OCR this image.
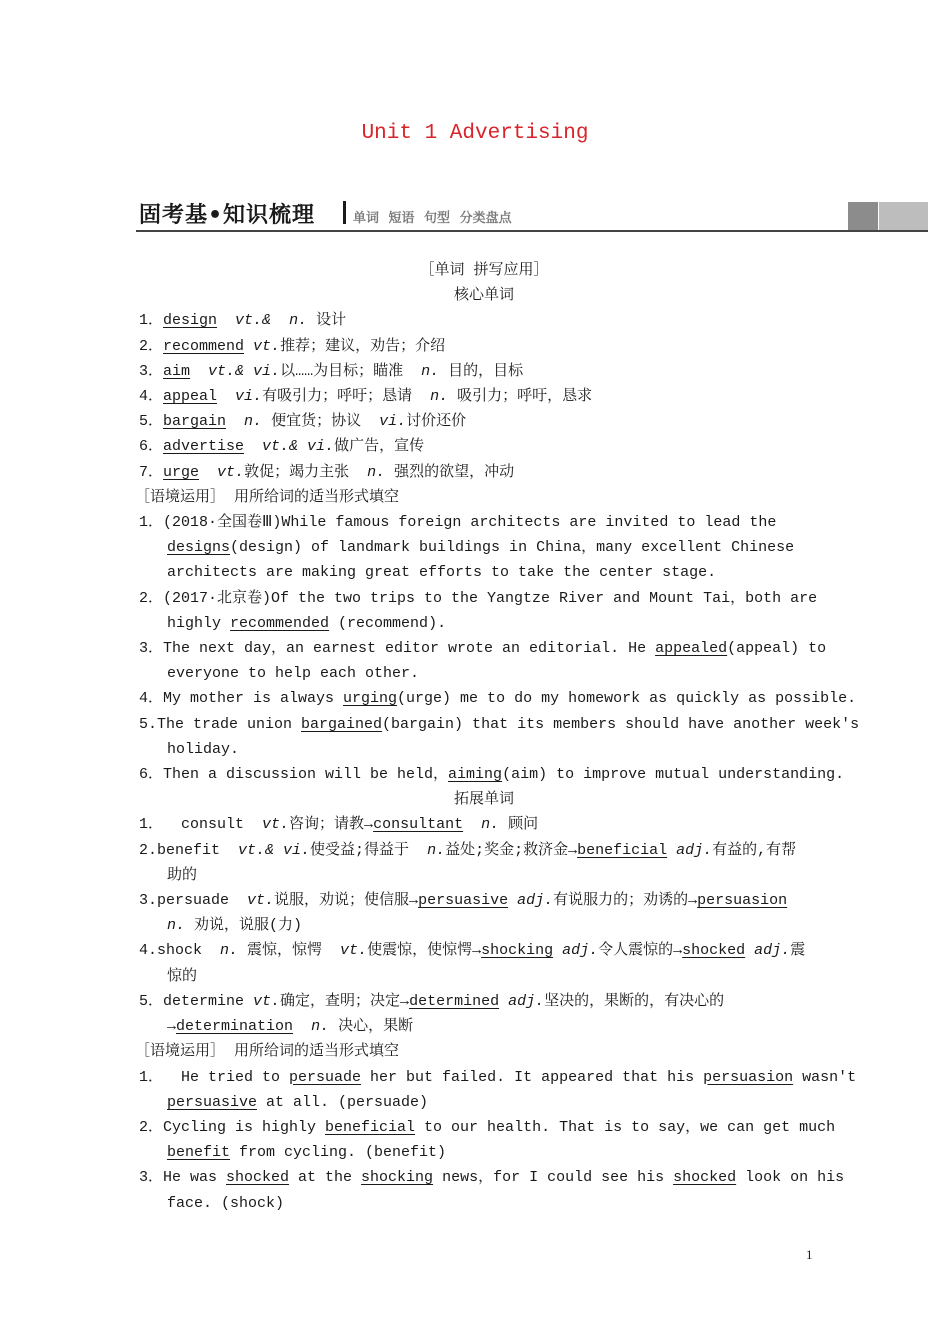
Unit 1 Advertising
固考基•知识梳理	单词 短语 句型 分类盘点
［单词 拼写应用］
核心单词
1．design vt.& n. 设计
2．recommend vt.推荐；建议，劝告；介绍
3．aim vt.& vi.以……为目标；瞄准  n. 目的，目标
4．appeal vi.有吸引力；呼吁；恳请  n. 吸引力；呼吁，恳求
5．bargain n. 便宜货；协议  vi.讨价还价
6．advertise vt.& vi.做广告，宣传
7．urge vt.敦促；竭力主张  n. 强烈的欲望，冲动
［语境运用］ 用所给词的适当形式填空
1．(2018·全国卷Ⅲ)While famous foreign architects are invited to lead the
designs(design) of landmark buildings in China，many excellent Chinese
architects are making great efforts to take the center stage.
2．(2017·北京卷)Of the two trips to the Yangtze River and Mount Tai，both are
highly recommended (recommend).
3．The next day，an earnest editor wrote an editorial. He appealed(appeal) to
everyone to help each other.
4．My mother is always urging(urge) me to do my homework as quickly as possible.
5.The trade union bargained(bargain) that its members should have another week's
holiday.
6．Then a discussion will be held，aiming(aim) to improve mutual understanding.
拓展单词
1．  consult  vt.咨询；请教→consultant n. 顾问
2.benefit  vt.& vi.使受益;得益于  n.益处;奖金;救济金→beneficial adj.有益的,有帮
助的
3.persuade  vt.说服，劝说；使信服→persuasive adj.有说服力的；劝诱的→persuasion
n. 劝说，说服(力)
4.shock  n. 震惊，惊愕  vt.使震惊，使惊愕→shocking adj.令人震惊的→shocked adj.震
惊的
5．determine vt.确定，查明；决定→determined adj.坚决的，果断的，有决心的
→determination n. 决心，果断
［语境运用］ 用所给词的适当形式填空
1．  He tried to persuade her but failed. It appeared that his persuasion wasn't
persuasive at all. (persuade)
2．Cycling is highly beneficial to our health. That is to say，we can get much
benefit from cycling. (benefit)
3．He was shocked at the shocking news，for I could see his shocked look on his
face. (shock)
1
